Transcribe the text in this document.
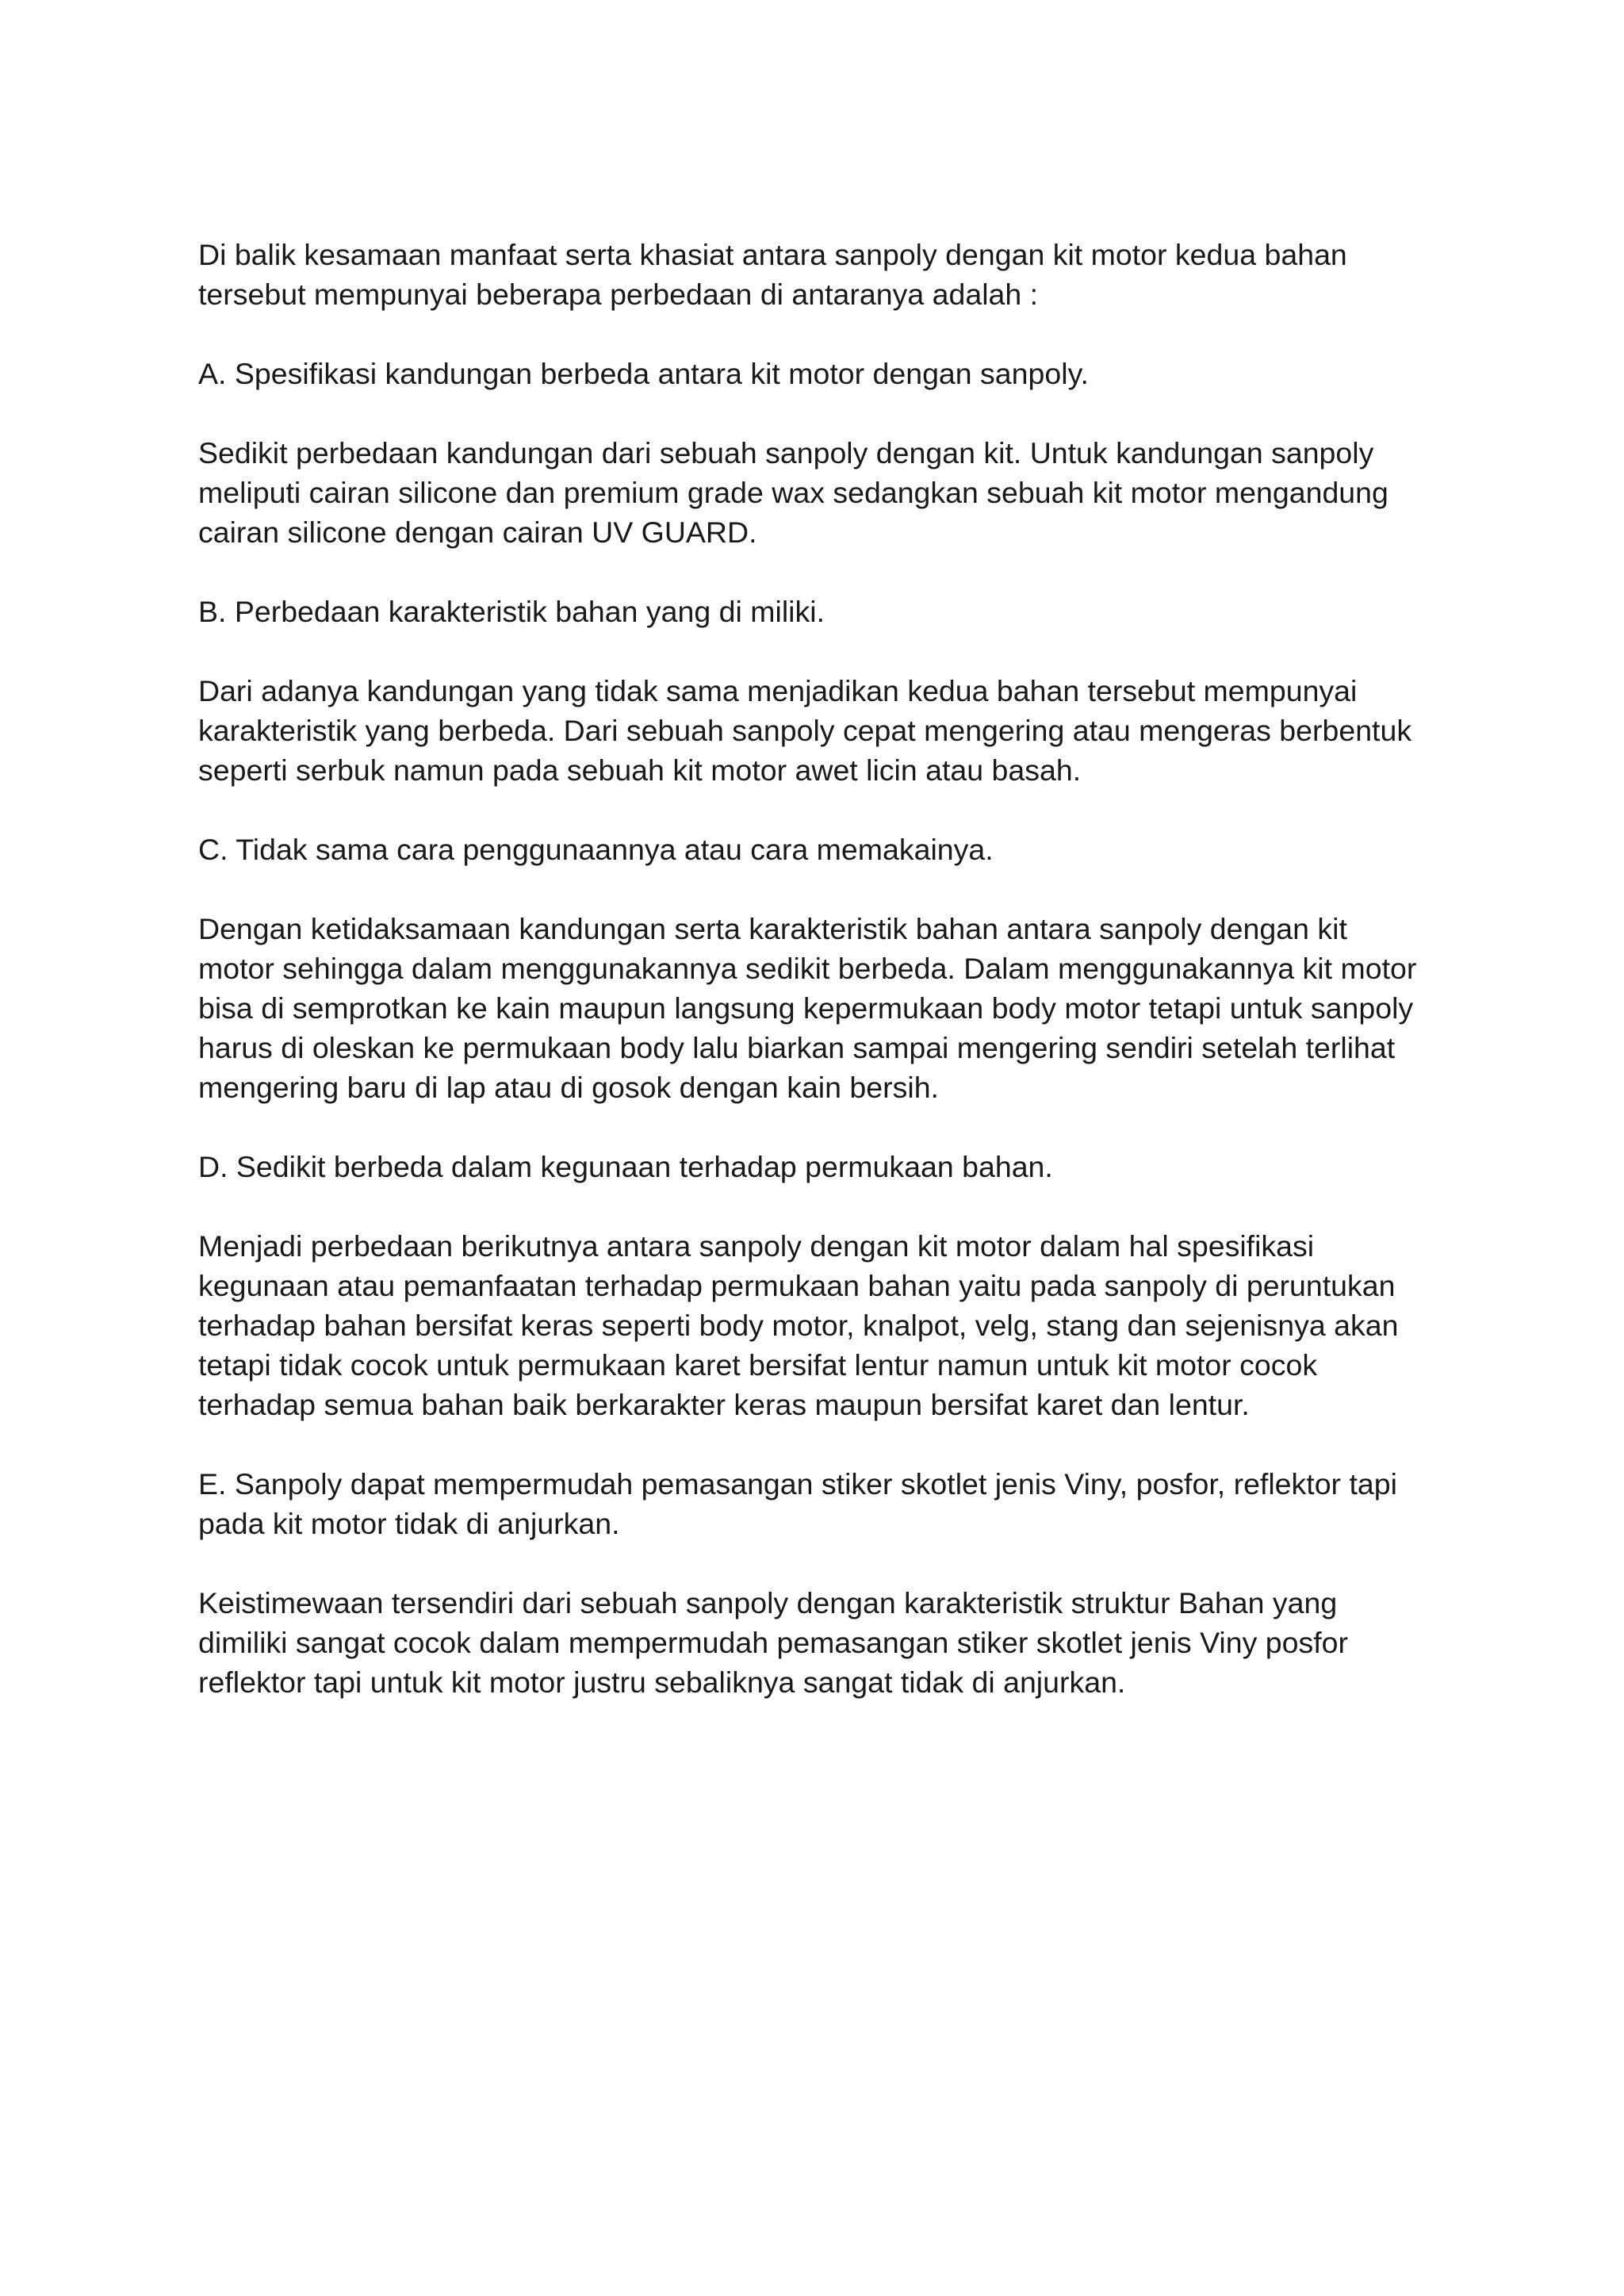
Di balik kesamaan manfaat serta khasiat antara sanpoly dengan kit motor kedua bahan
tersebut mempunyai beberapa perbedaan di antaranya adalah :

A. Spesifikasi kandungan berbeda antara kit motor dengan sanpoly.

Sedikit perbedaan kandungan dari sebuah sanpoly dengan kit. Untuk kandungan sanpoly
meliputi cairan silicone dan premium grade wax sedangkan sebuah kit motor mengandung
cairan silicone dengan cairan UV GUARD.

B. Perbedaan karakteristik bahan yang di miliki.

Dari adanya kandungan yang tidak sama menjadikan kedua bahan tersebut mempunyai
karakteristik yang berbeda. Dari sebuah sanpoly cepat mengering atau mengeras berbentuk
seperti serbuk namun pada sebuah kit motor awet licin atau basah.

C. Tidak sama cara penggunaannya atau cara memakainya.

Dengan ketidaksamaan kandungan serta karakteristik bahan antara sanpoly dengan kit
motor sehingga dalam menggunakannya sedikit berbeda. Dalam menggunakannya kit motor
bisa di semprotkan ke kain maupun langsung kepermukaan body motor tetapi untuk sanpoly
harus di oleskan ke permukaan body lalu biarkan sampai mengering sendiri setelah terlihat
mengering baru di lap atau di gosok dengan kain bersih.

D. Sedikit berbeda dalam kegunaan terhadap permukaan bahan.

Menjadi perbedaan berikutnya antara sanpoly dengan kit motor dalam hal spesifikasi
kegunaan atau pemanfaatan terhadap permukaan bahan yaitu pada sanpoly di peruntukan
terhadap bahan bersifat keras seperti body motor, knalpot, velg, stang dan sejenisnya akan
tetapi tidak cocok untuk permukaan karet bersifat lentur namun untuk kit motor cocok
terhadap semua bahan baik berkarakter keras maupun bersifat karet dan lentur.

E. Sanpoly dapat mempermudah pemasangan stiker skotlet jenis Viny, posfor, reflektor tapi
pada kit motor tidak di anjurkan.

Keistimewaan tersendiri dari sebuah sanpoly dengan karakteristik struktur Bahan yang
dimiliki sangat cocok dalam mempermudah pemasangan stiker skotlet jenis Viny posfor
reflektor tapi untuk kit motor justru sebaliknya sangat tidak di anjurkan.
